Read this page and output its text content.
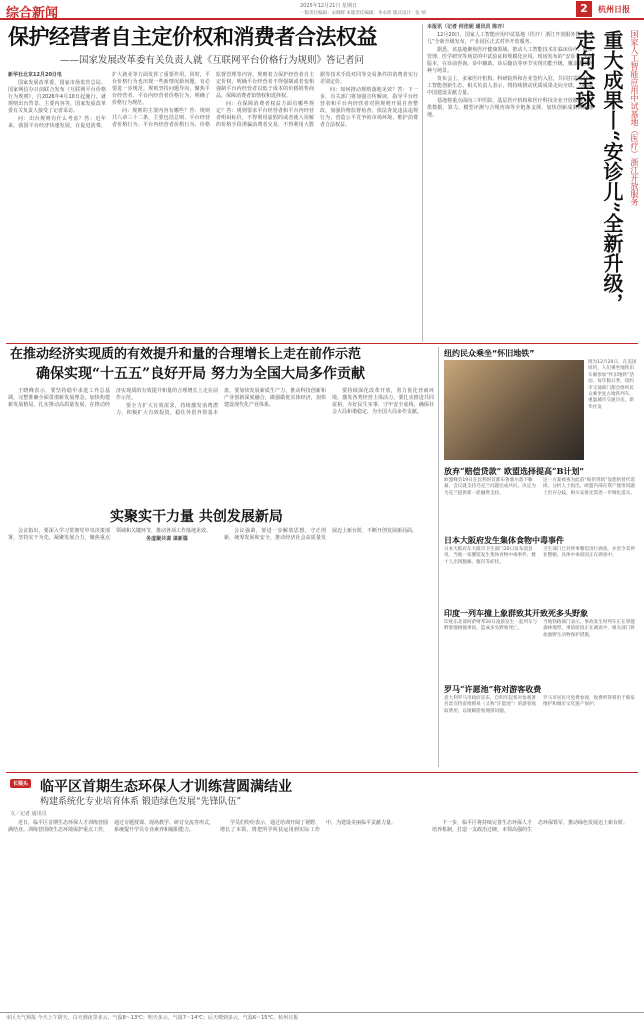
综合新闻	2025年12月21日 星期日
一版责任编辑：宋晓晖 本版责任编辑：李永荷 版式设计：张 纳	2	杭州日报
保护经营者自主定价权和消费者合法权益
——国家发展改革委有关负责人就《互联网平台价格行为规则》答记者问

新华社北京12月20日电

国家发展改革委、国家市场监管总局、国家网信办日前联合发布《互联网平台价格行为规则》，自2026年4月10日起施行。就规则出台背景、主要内容等，国家发展改革委有关负责人接受了记者采访。

问：出台规则有什么考虑？答：近年来，我国平台经济快速发展，在促进消费、扩大就业等方面发挥了重要作用。同时，平台价格行为也出现一些新情况新问题，有必要进一步规范。规则坚持问题导向，聚焦平台经营者、平台内经营者价格行为，明确了价格行为规范。

问：规则的主要内容有哪些？答：规则共六章三十二条，主要包括总则、平台经营者价格行为、平台内经营者价格行为、价格监督管理等内容。规则着力保护经营者自主定价权，明确平台经营者不得强制或者变相强制平台内经营者以低于成本的价格销售商品，保障消费者知情权和选择权。

问：在保障消费者权益方面有哪些规定？答：规则要求平台经营者和平台内经营者明码标价，不得利用虚假的或者使人误解的价格手段诱骗消费者交易，不得利用大数据等技术手段对同等交易条件的消费者实行差别定价。

问：如何推动规则落地见效？答：下一步，有关部门将加强宣传解读，指导平台经营者和平台内经营者对照规则开展自查整改，加强价格监督检查，依法查处违法违规行为，营造公平竞争的市场环境，维护消费者合法权益。

本报讯（记者 何佳妮 通讯员 陈亦）

12月20日，国家人工智能应用中试基地（医疗）浙江开放服务暨“安诊儿”全新升级发布，产业园区正式对外开放服务。

据悉，该基地聚焦医疗健康领域，推动人工智能技术在临床诊疗、健康管理、医学研究等场景的中试验证和规模化应用。现场发布的“安诊儿”全新版本，在诊前咨询、诊中辅助、诊后随访等环节实现功能升级，覆盖更多病种与场景。

发布会上，多家医疗机构、科研院所和企业签约入驻，共同打造医疗人工智能创新生态。相关负责人表示，将持续推动优质成果走向全球，为健康中国建设贡献力量。

基地将重点面向三甲医院、基层医疗机构和医疗科技企业开放服务，提供数据、算力、模型评测与合规咨询等全链条支撑，加快创新成果转化落地。	重大成果丨“安诊儿”全新升级，走向全球	国家人工智能应用中试基地（医疗）浙江开放服务
在推动经济实现质的有效提升和量的合理增长上走在前作示范
确保实现“十五五”良好开局 努力为全国大局多作贡献

王晓峰表示，要坚持稳中求进工作总基调，完整准确全面贯彻新发展理念，加快构建新发展格局，扎实推动高质量发展，在推动经济实现质的有效提升和量的合理增长上走在前作示范。

要全力扩大有效需求，持续激发消费潜力，积极扩大有效投资，稳住外贸外资基本盘。要加快发展新质生产力，推动科技创新和产业创新深度融合，做强做优实体经济，加快建设现代化产业体系。

要持续深化改革开放，着力优化营商环境，激发各类经营主体活力。要扎实推进共同富裕，办好民生实事，守牢安全底线，确保社会大局和谐稳定，为全国大局多作贡献。

实聚实干力量 共创发展新局

会议指出，要深入学习贯彻党中央决策部署，坚持实干为先，凝聚发展合力，聚焦重点领域和关键环节，推动各项工作落地见效。

务虚聚共谋 谋新篇

会议强调，要进一步解放思想、守正创新，统筹发展和安全，推动经济社会高质量发展迈上新台阶，不断开创发展新局面。

纽约民众乘坐“怀旧地铁”
图为12月20日，在美国纽约，人们乘坐地铁旧车厢参加“怀旧地铁”活动。每年假日季，纽约市交通部门都会组织民众乘坐复古地铁列车，重温城市交通历史。新华社发
放弃“赔偿贷款” 欧盟选择提高“B计划”

欧盟峰会19日在比利时首都布鲁塞尔落下帷幕，会议就支持乌克兰问题达成共识，决定为乌克兰提供新一轮融资支持。

这一方案被视为此前“赔偿贷款”设想的替代选择。分析人士指出，欧盟内部在资产使用问题上仍存分歧，相关安排还需进一步细化落实。

日本大阪府发生集体食物中毒事件

日本大阪府东大阪市卫生部门20日发布消息说，当地一家餐馆发生集体食物中毒事件，数十人出现腹痛、腹泻等症状。

卫生部门已对涉事餐馆进行调查，并责令其停业整顿。具体中毒原因正在调查中。

印度一列车撞上象群致其开致死多头野象

印度东北部阿萨姆邦20日凌晨发生一起列车与野象群相撞事故，造成多头野象死亡。

当地铁路部门表示，事故发生时列车正在穿越森林地带，事故原因正在调查中，相关部门将加强野生动物保护措施。

罗马“许愿池”将对游客收费

意大利罗马市政府宣布，自明年起将对参观著名景点特雷维喷泉（又称“许愿池”）的游客收取费用，以缓解游客拥挤问题。

罗马市居民可免费参观，收费所得将用于喷泉维护和城市文化遗产保护。

长镜头 临平区首期生态环保人才训练营圆满结业
构建系统化专业培育体系 锻造绿色发展“先锋队伍”
文／记者 通讯员

近日，临平区首期生态环保人才训练营圆满结业。训练营围绕生态环境保护重点工作，通过专题授课、现场教学、研讨交流等形式，系统提升学员专业素养和履职能力。

学员们纷纷表示，通过培训开阔了视野、增长了本领，将把所学所获运用到实际工作中，为建设美丽临平贡献力量。	下一步，临平区将持续完善生态环保人才培养机制，打造一支政治过硬、本领高强的生态环保铁军，推动绿色发展迈上新台阶。

市区天气预报 今天上午阴天，白天到夜里多云，气温8～13℃；明天多云，气温7～14℃；后天晴到多云，气温6～15℃。杭州日报
